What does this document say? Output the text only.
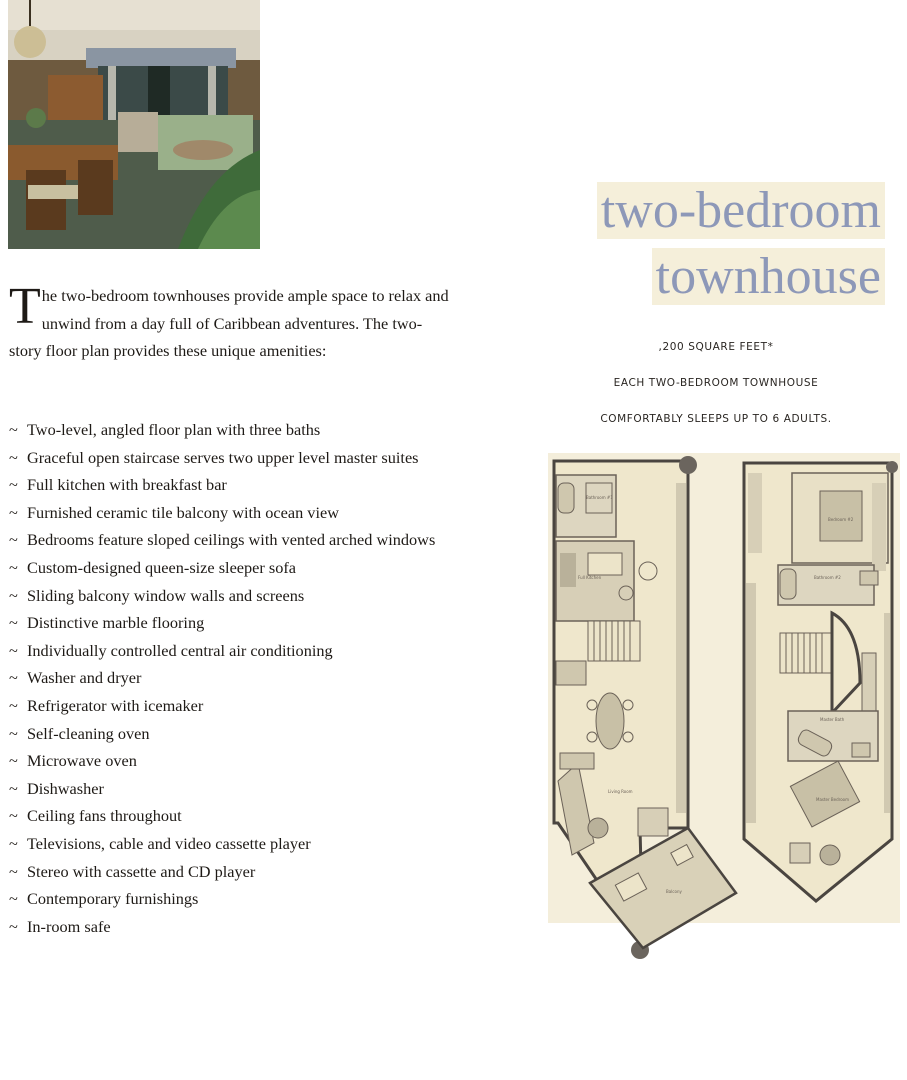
The two-bedroom townhouses provide ample space to relax and unwind from a day full of Caribbean adventures. The two-story floor plan provides these unique amenities:

~ Two-level, angled floor plan with three baths
~ Graceful open staircase serves two upper level master suites
~ Full kitchen with breakfast bar
~ Furnished ceramic tile balcony with ocean view
~ Bedrooms feature sloped ceilings with vented arched windows
~ Custom-designed queen-size sleeper sofa
~ Sliding balcony window walls and screens
~ Distinctive marble flooring
~ Individually controlled central air conditioning
~ Washer and dryer
~ Refrigerator with icemaker
~ Self-cleaning oven
~ Microwave oven
~ Dishwasher
~ Ceiling fans throughout
~ Televisions, cable and video cassette player
~ Stereo with cassette and CD player
~ Contemporary furnishings
~ In-room safe
two-bedroom
townhouse
,200 SQUARE FEET*
EACH TWO-BEDROOM TOWNHOUSE
COMFORTABLY SLEEPS UP TO 6 ADULTS.
Bathroom #1
Full Kitchen
Living Room
Balcony
Bedroom #2
Bathroom #2
Master Bath
Master Bedroom
